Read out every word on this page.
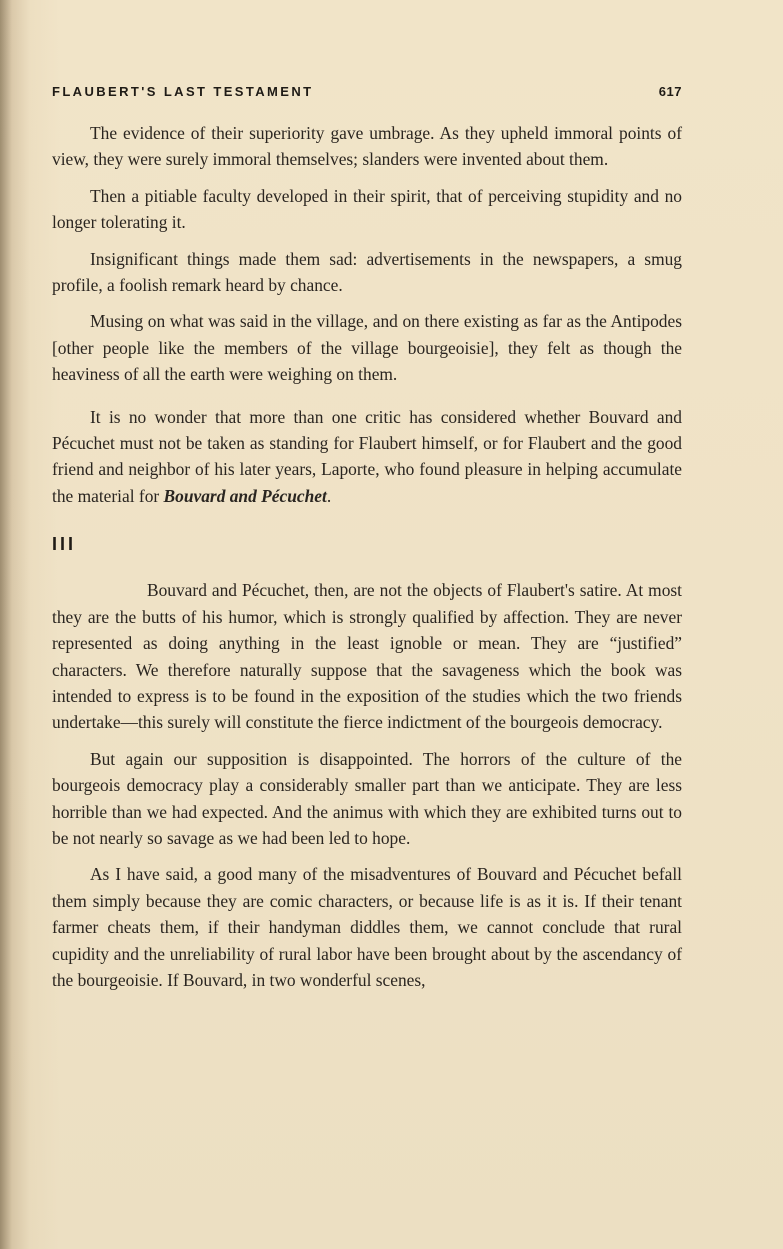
FLAUBERT'S LAST TESTAMENT	617

The evidence of their superiority gave umbrage. As they upheld immoral points of view, they were surely immoral themselves; slanders were invented about them.

Then a pitiable faculty developed in their spirit, that of perceiving stupidity and no longer tolerating it.

Insignificant things made them sad: advertisements in the newspapers, a smug profile, a foolish remark heard by chance.

Musing on what was said in the village, and on there existing as far as the Antipodes [other people like the members of the village bourgeoisie], they felt as though the heaviness of all the earth were weighing on them.

It is no wonder that more than one critic has considered whether Bouvard and Pécuchet must not be taken as standing for Flaubert himself, or for Flaubert and the good friend and neighbor of his later years, Laporte, who found pleasure in helping accumulate the material for Bouvard and Pécuchet.

III

Bouvard and Pécuchet, then, are not the objects of Flaubert's satire. At most they are the butts of his humor, which is strongly qualified by affection. They are never represented as doing anything in the least ignoble or mean. They are “justified” characters. We therefore naturally suppose that the savageness which the book was intended to express is to be found in the exposition of the studies which the two friends undertake—this surely will constitute the fierce indictment of the bourgeois democracy.

But again our supposition is disappointed. The horrors of the culture of the bourgeois democracy play a considerably smaller part than we anticipate. They are less horrible than we had expected. And the animus with which they are exhibited turns out to be not nearly so savage as we had been led to hope.

As I have said, a good many of the misadventures of Bouvard and Pécuchet befall them simply because they are comic characters, or because life is as it is. If their tenant farmer cheats them, if their handyman diddles them, we cannot conclude that rural cupidity and the unreliability of rural labor have been brought about by the ascendancy of the bourgeoisie. If Bouvard, in two wonderful scenes,
